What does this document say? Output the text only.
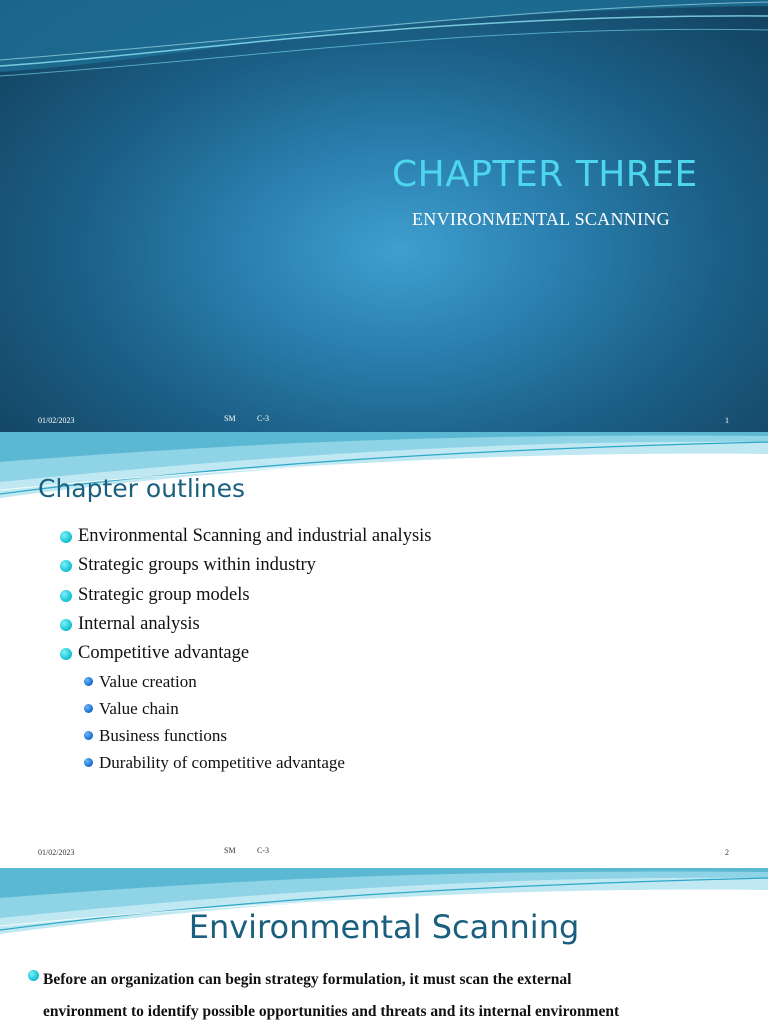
CHAPTER THREE
ENVIRONMENTAL SCANNING
01/02/2023	SM	C-3	1
Chapter outlines
Environmental Scanning and industrial analysis
Strategic groups within industry
Strategic group models
Internal analysis
Competitive advantage
Value creation
Value chain
Business functions
Durability of competitive advantage
01/02/2023	SM	C-3	2
Environmental Scanning
Before an organization can begin strategy formulation, it must scan the external
environment to identify possible opportunities and threats and its internal environment
